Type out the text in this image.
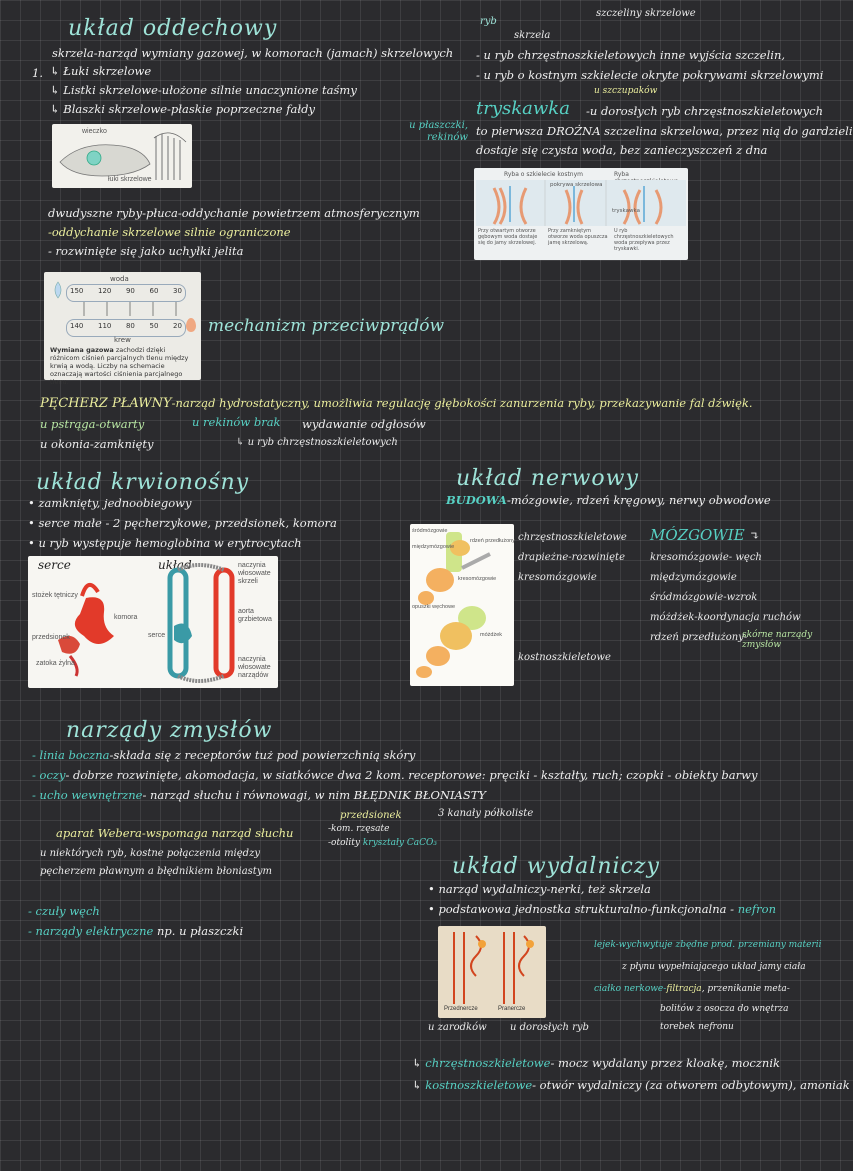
układ oddechowy
skrzela-narząd wymiany gazowej, w komorach (jamach) skrzelowych
1. ↳ Łuki skrzelowe
↳ Listki skrzelowe-ułożone silnie unaczynione taśmy
↳ Blaszki skrzelowe-płaskie poprzeczne fałdy
wieczko
łuki skrzelowe
dwudyszne ryby-płuca-oddychanie powietrzem atmosferycznym
-oddychanie skrzelowe silnie ograniczone
- rozwinięte się jako uchyłki jelita
woda
150 120 90 60 30
140 110 80 50 20
krew
Wymiana gazowa zachodzi dzięki różnicom ciśnień parcjalnych tlenu między krwią a wodą. Liczby na schemacie oznaczają wartości ciśnienia parcjalnego tlenu.
mechanizm przeciwprądów
ryb
skrzela
szczeliny skrzelowe
- u ryb chrzęstnoszkieletowych inne wyjścia szczelin,
- u ryb o kostnym szkielecie okryte pokrywami skrzelowymi
u szczupaków
tryskawka -u dorosłych ryb chrzęstnoszkieletowych
to pierwsza DROŻNA szczelina skrzelowa, przez nią do gardzieli
dostaje się czysta woda, bez zanieczyszczeń z dna
u płaszczki, rekinów
Ryba o szkielecie kostnym	Ryba
pokrywa skrzelowa
tryskawka
Przy otwartym otworze gębowym woda dostaje się do jamy skrzelowej.
Przy zamkniętym otworze woda opuszcza jamę skrzelową.
U ryb chrzęstnoszkieletowych woda przepływa przez tryskawki.
PĘCHERZ PŁAWNY-narząd hydrostatyczny, umożliwia regulację głębokości zanurzenia ryby, przekazywanie fal dźwięk.
u pstrąga-otwarty	u rekinów brak wydawanie odgłosów
u okonia-zamknięty	↳ u ryb chrzęstnoszkieletowych
układ krwionośny
• zamknięty, jednoobiegowy
• serce małe - 2 pęcherzykowe, przedsionek, komora
• u ryb występuje hemoglobina w erytrocytach
serce	układ
stożek tętniczy
komora
przedsionek
zatoka żylna
naczynia włosowate skrzeli
aorta grzbietowa
serce
naczynia włosowate narządów
układ nerwowy
BUDOWA-mózgowie, rdzeń kręgowy, nerwy obwodowe
śródmózgowie
międzymózgowie
kresomózgowie
opuszki węchowe
móżdżek
rdzeń przedłużony chrzęstnoszkieletowe
drapieżne-rozwinięte
kresomózgowie
kostnoszkieletowe
MÓZGOWIE ↴
kresomózgowie- węch
międzymózgowie
śródmózgowie-wzrok
móżdżek-koordynacja ruchów
rdzeń przedłużony-
skórne narządy zmysłów
narządy zmysłów
- linia boczna-składa się z receptorów tuż pod powierzchnią skóry
- oczy- dobrze rozwinięte, akomodacja, w siatkówce dwa 2 kom. receptorowe: pręciki - kształty, ruch; czopki - obiekty barwy
- ucho wewnętrzne- narząd słuchu i równowagi, w nim BŁĘDNIK BŁONIASTY
przedsionek	3 kanały półkoliste
-kom. rzęsate
-otolity kryształy CaCO₃
aparat Webera-wspomaga narząd słuchu
u niektórych ryb, kostne połączenia między
pęcherzem pławnym a błędnikiem błoniastym
- czuły węch
- narządy elektryczne np. u płaszczki
układ wydalniczy
• narząd wydalniczy-nerki, też skrzela
• podstawowa jednostka strukturalno-funkcjonalna - nefron
Przednercze	Pranercze
u zarodków u dorosłych ryb
lejek-wychwytuje zbędne prod. przemiany materii
z płynu wypełniającego układ jamy ciała
ciałko nerkowe-filtracja, przenikanie meta-
bolitów z osocza do wnętrza
torebek nefronu
↳ chrzęstnoszkieletowe- mocz wydalany przez kloakę, mocznik
↳ kostnoszkieletowe- otwór wydalniczy (za otworem odbytowym), amoniak
